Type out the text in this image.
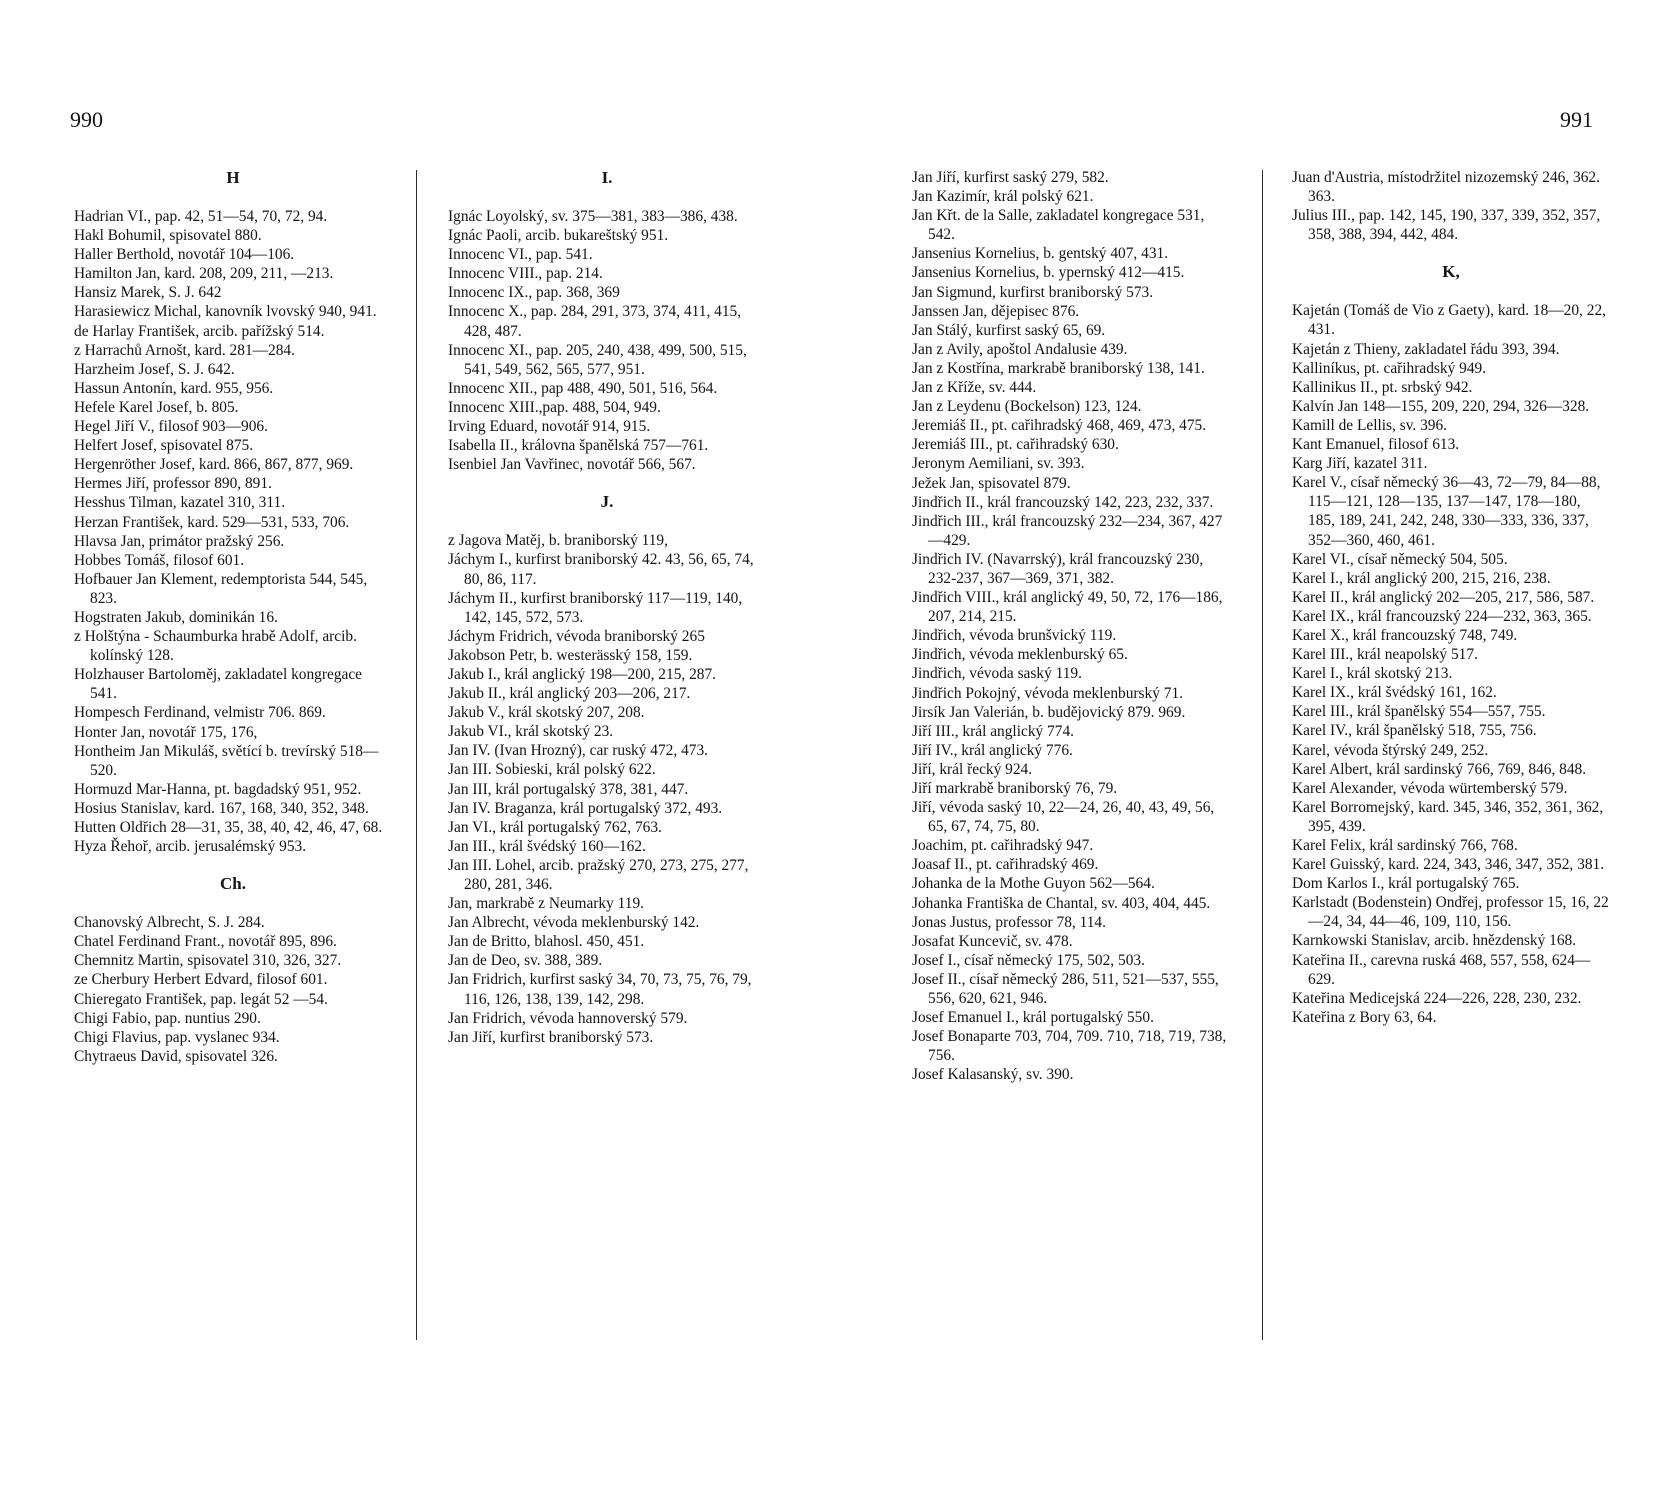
990	991
H
Hadrian VI., pap. 42, 51—54, 70, 72, 94.
Hakl Bohumil, spisovatel 880.
Haller Berthold, novotář 104—106.
Hamilton Jan, kard. 208, 209, 211, —213.
Hansiz Marek, S. J. 642
Harasiewicz Michal, kanovník lvovský 940, 941.
de Harlay František, arcib. pařížský 514.
z Harrachů Arnošt, kard. 281—284.
Harzheim Josef, S. J. 642.
Hassun Antonín, kard. 955, 956.
Hefele Karel Josef, b. 805.
Hegel Jiří V., filosof 903—906.
Helfert Josef, spisovatel 875.
Hergenröther Josef, kard. 866, 867, 877, 969.
Hermes Jiří, professor 890, 891.
Hesshus Tilman, kazatel 310, 311.
Herzan František, kard. 529—531, 533, 706.
Hlavsa Jan, primátor pražský 256.
Hobbes Tomáš, filosof 601.
Hofbauer Jan Klement, redemptorista 544, 545, 823.
Hogstraten Jakub, dominikán 16.
z Holštýna - Schaumburka hrabě Adolf, arcib. kolínský 128.
Holzhauser Bartoloměj, zakladatel kongregace 541.
Hompesch Ferdinand, velmistr 706. 869.
Honter Jan, novotář 175, 176,
Hontheim Jan Mikuláš, světící b. trevírský 518—520.
Hormuzd Mar-Hanna, pt. bagdadský 951, 952.
Hosius Stanislav, kard. 167, 168, 340, 352, 348.
Hutten Oldřich 28—31, 35, 38, 40, 42, 46, 47, 68.
Hyza Řehoř, arcib. jerusalémský 953.
Ch.
Chanovský Albrecht, S. J. 284.
Chatel Ferdinand Frant., novotář 895, 896.
Chemnitz Martin, spisovatel 310, 326, 327.
ze Cherbury Herbert Edvard, filosof 601.
Chieregato František, pap. legát 52 —54.
Chigi Fabio, pap. nuntius 290.
Chigi Flavius, pap. vyslanec 934.
Chytraeus David, spisovatel 326.
I.
Ignác Loyolský, sv. 375—381, 383—386, 438.
Ignác Paoli, arcib. bukareštský 951.
Innocenc VI., pap. 541.
Innocenc VIII., pap. 214.
Innocenc IX., pap. 368, 369
Innocenc X., pap. 284, 291, 373, 374, 411, 415, 428, 487.
Innocenc XI., pap. 205, 240, 438, 499, 500, 515, 541, 549, 562, 565, 577, 951.
Innocenc XII., pap 488, 490, 501, 516, 564.
Innocenc XIII.,pap. 488, 504, 949.
Irving Eduard, novotář 914, 915.
Isabella II., královna španělská 757—761.
Isenbiel Jan Vavřinec, novotář 566, 567.
J.
z Jagova Matěj, b. braniborský 119,
Jáchym I., kurfirst braniborský 42. 43, 56, 65, 74, 80, 86, 117.
Jáchym II., kurfirst braniborský 117—119, 140, 142, 145, 572, 573.
Jáchym Fridrich, vévoda braniborský 265
Jakobson Petr, b. westerässký 158, 159.
Jakub I., král anglický 198—200, 215, 287.
Jakub II., král anglický 203—206, 217.
Jakub V., král skotský 207, 208.
Jakub VI., král skotský 23.
Jan IV. (Ivan Hrozný), car ruský 472, 473.
Jan III. Sobieski, král polský 622.
Jan III, král portugalský 378, 381, 447.
Jan IV. Braganza, král portugalský 372, 493.
Jan VI., král portugalský 762, 763.
Jan III., král švédský 160—162.
Jan III. Lohel, arcib. pražský 270, 273, 275, 277, 280, 281, 346.
Jan, markrabě z Neumarky 119.
Jan Albrecht, vévoda meklenburský 142.
Jan de Britto, blahosl. 450, 451.
Jan de Deo, sv. 388, 389.
Jan Fridrich, kurfirst saský 34, 70, 73, 75, 76, 79, 116, 126, 138, 139, 142, 298.
Jan Fridrich, vévoda hannoverský 579.
Jan Jiří, kurfirst braniborský 573.
Jan Jiří, kurfirst saský 279, 582.
Jan Kazimír, král polský 621.
Jan Křt. de la Salle, zakladatel kongregace 531, 542.
Jansenius Kornelius, b. gentský 407, 431.
Jansenius Kornelius, b. ypernský 412—415.
Jan Sigmund, kurfirst braniborský 573.
Janssen Jan, dějepisec 876.
Jan Stálý, kurfirst saský 65, 69.
Jan z Avily, apoštol Andalusie 439.
Jan z Kostřína, markrabě braniborský 138, 141.
Jan z Kříže, sv. 444.
Jan z Leydenu (Bockelson) 123, 124.
Jeremiáš II., pt. cařihradský 468, 469, 473, 475.
Jeremiáš III., pt. cařihradský 630.
Jeronym Aemiliani, sv. 393.
Ježek Jan, spisovatel 879.
Jindřich II., král francouzský 142, 223, 232, 337.
Jindřich III., král francouzský 232—234, 367, 427—429.
Jindřich IV. (Navarrský), král francouzský 230, 232-237, 367—369, 371, 382.
Jindřich VIII., král anglický 49, 50, 72, 176—186, 207, 214, 215.
Jindřich, vévoda brunšvický 119.
Jindřich, vévoda meklenburský 65.
Jindřich, vévoda saský 119.
Jindřich Pokojný, vévoda meklenburský 71.
Jirsík Jan Valerián, b. budějovický 879. 969.
Jiří III., král anglický 774.
Jiří IV., král anglický 776.
Jiří, král řecký 924.
Jiří markrabě braniborský 76, 79.
Jiří, vévoda saský 10, 22—24, 26, 40, 43, 49, 56, 65, 67, 74, 75, 80.
Joachim, pt. cařihradský 947.
Joasaf II., pt. cařihradský 469.
Johanka de la Mothe Guyon 562—564.
Johanka Františka de Chantal, sv. 403, 404, 445.
Jonas Justus, professor 78, 114.
Josafat Kuncevič, sv. 478.
Josef I., císař německý 175, 502, 503.
Josef II., císař německý 286, 511, 521—537, 555, 556, 620, 621, 946.
Josef Emanuel I., král portugalský 550.
Josef Bonaparte 703, 704, 709. 710, 718, 719, 738, 756.
Josef Kalasanský, sv. 390.
Juan d'Austria, místodržitel nizozemský 246, 362. 363.
Julius III., pap. 142, 145, 190, 337, 339, 352, 357, 358, 388, 394, 442, 484.
K,
Kajetán (Tomáš de Vio z Gaety), kard. 18—20, 22, 431.
Kajetán z Thieny, zakladatel řádu 393, 394.
Kalliníkus, pt. cařihradský 949.
Kallinikus II., pt. srbský 942.
Kalvín Jan 148—155, 209, 220, 294, 326—328.
Kamill de Lellis, sv. 396.
Kant Emanuel, filosof 613.
Karg Jiří, kazatel 311.
Karel V., císař německý 36—43, 72—79, 84—88, 115—121, 128—135, 137—147, 178—180, 185, 189, 241, 242, 248, 330—333, 336, 337, 352—360, 460, 461.
Karel VI., císař německý 504, 505.
Karel I., král anglický 200, 215, 216, 238.
Karel II., král anglický 202—205, 217, 586, 587.
Karel IX., král francouzský 224—232, 363, 365.
Karel X., král francouzský 748, 749.
Karel III., král neapolský 517.
Karel I., král skotský 213.
Karel IX., král švédský 161, 162.
Karel III., král španělský 554—557, 755.
Karel IV., král španělský 518, 755, 756.
Karel, vévoda štýrský 249, 252.
Karel Albert, král sardinský 766, 769, 846, 848.
Karel Alexander, vévoda würtemberský 579.
Karel Borromejský, kard. 345, 346, 352, 361, 362, 395, 439.
Karel Felix, král sardinský 766, 768.
Karel Guisský, kard. 224, 343, 346, 347, 352, 381.
Dom Karlos I., král portugalský 765.
Karlstadt (Bodenstein) Ondřej, professor 15, 16, 22—24, 34, 44—46, 109, 110, 156.
Karnkowski Stanislav, arcib. hnězdenský 168.
Kateřina II., carevna ruská 468, 557, 558, 624—629.
Kateřina Medicejská 224—226, 228, 230, 232.
Kateřina z Bory 63, 64.
